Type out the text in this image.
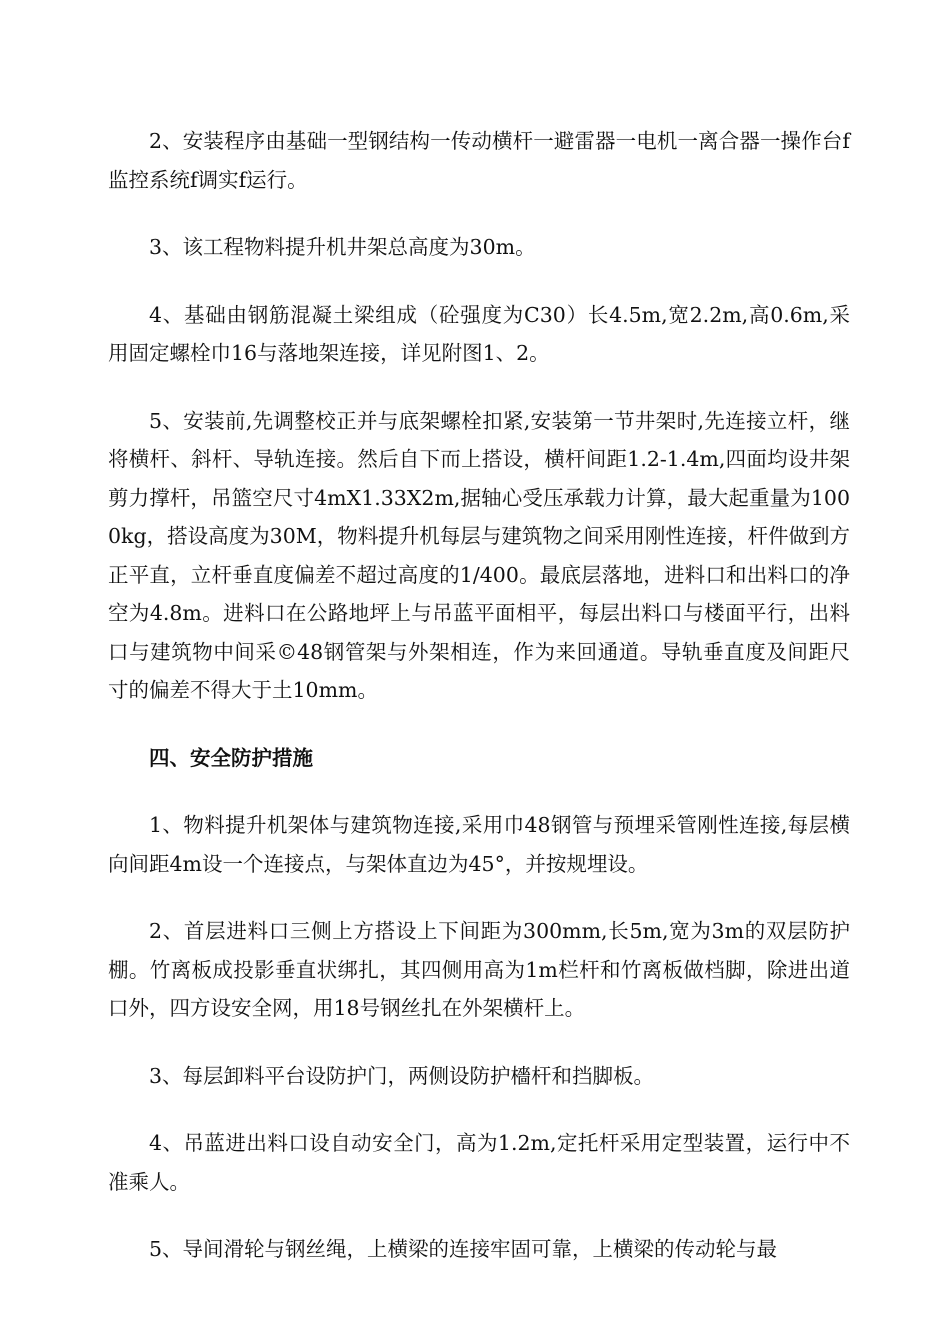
2、安装程序由基础一型钢结构一传动横杆一避雷器一电机一离合器一操作台f监控系统f调实f运行。

3、该工程物料提升机井架总高度为30m。

4、基础由钢筋混凝土梁组成（砼强度为C30）长4.5m,宽2.2m,高0.6m,采用固定螺栓巾16与落地架连接，详见附图1、2。

5、安装前,先调整校正并与底架螺栓扣紧,安装第一节井架时,先连接立杆，继将横杆、斜杆、导轨连接。然后自下而上搭设，横杆间距1.2-1.4m,四面均设井架剪力撑杆，吊篮空尺寸4mX1.33X2m,据轴心受压承载力计算，最大起重量为1000kg，搭设高度为30M，物料提升机每层与建筑物之间采用刚性连接，杆件做到方正平直，立杆垂直度偏差不超过高度的1/400。最底层落地，进料口和出料口的净空为4.8m。进料口在公路地坪上与吊蓝平面相平，每层出料口与楼面平行，出料口与建筑物中间采©48钢管架与外架相连，作为来回通道。导轨垂直度及间距尺寸的偏差不得大于土10mm。

四、安全防护措施

1、物料提升机架体与建筑物连接,采用巾48钢管与预埋采管刚性连接,每层横向间距4m设一个连接点，与架体直边为45°，并按规埋设。

2、首层进料口三侧上方搭设上下间距为300mm,长5m,宽为3m的双层防护棚。竹离板成投影垂直状绑扎，其四侧用高为1m栏杆和竹离板做档脚，除进出道口外，四方设安全网，用18号钢丝扎在外架横杆上。

3、每层卸料平台设防护门，两侧设防护檣杆和挡脚板。

4、吊蓝进出料口设自动安全门，高为1.2m,定托杆采用定型装置，运行中不准乘人。

5、导间滑轮与钢丝绳，上横梁的连接牢固可靠，上横梁的传动轮与最
